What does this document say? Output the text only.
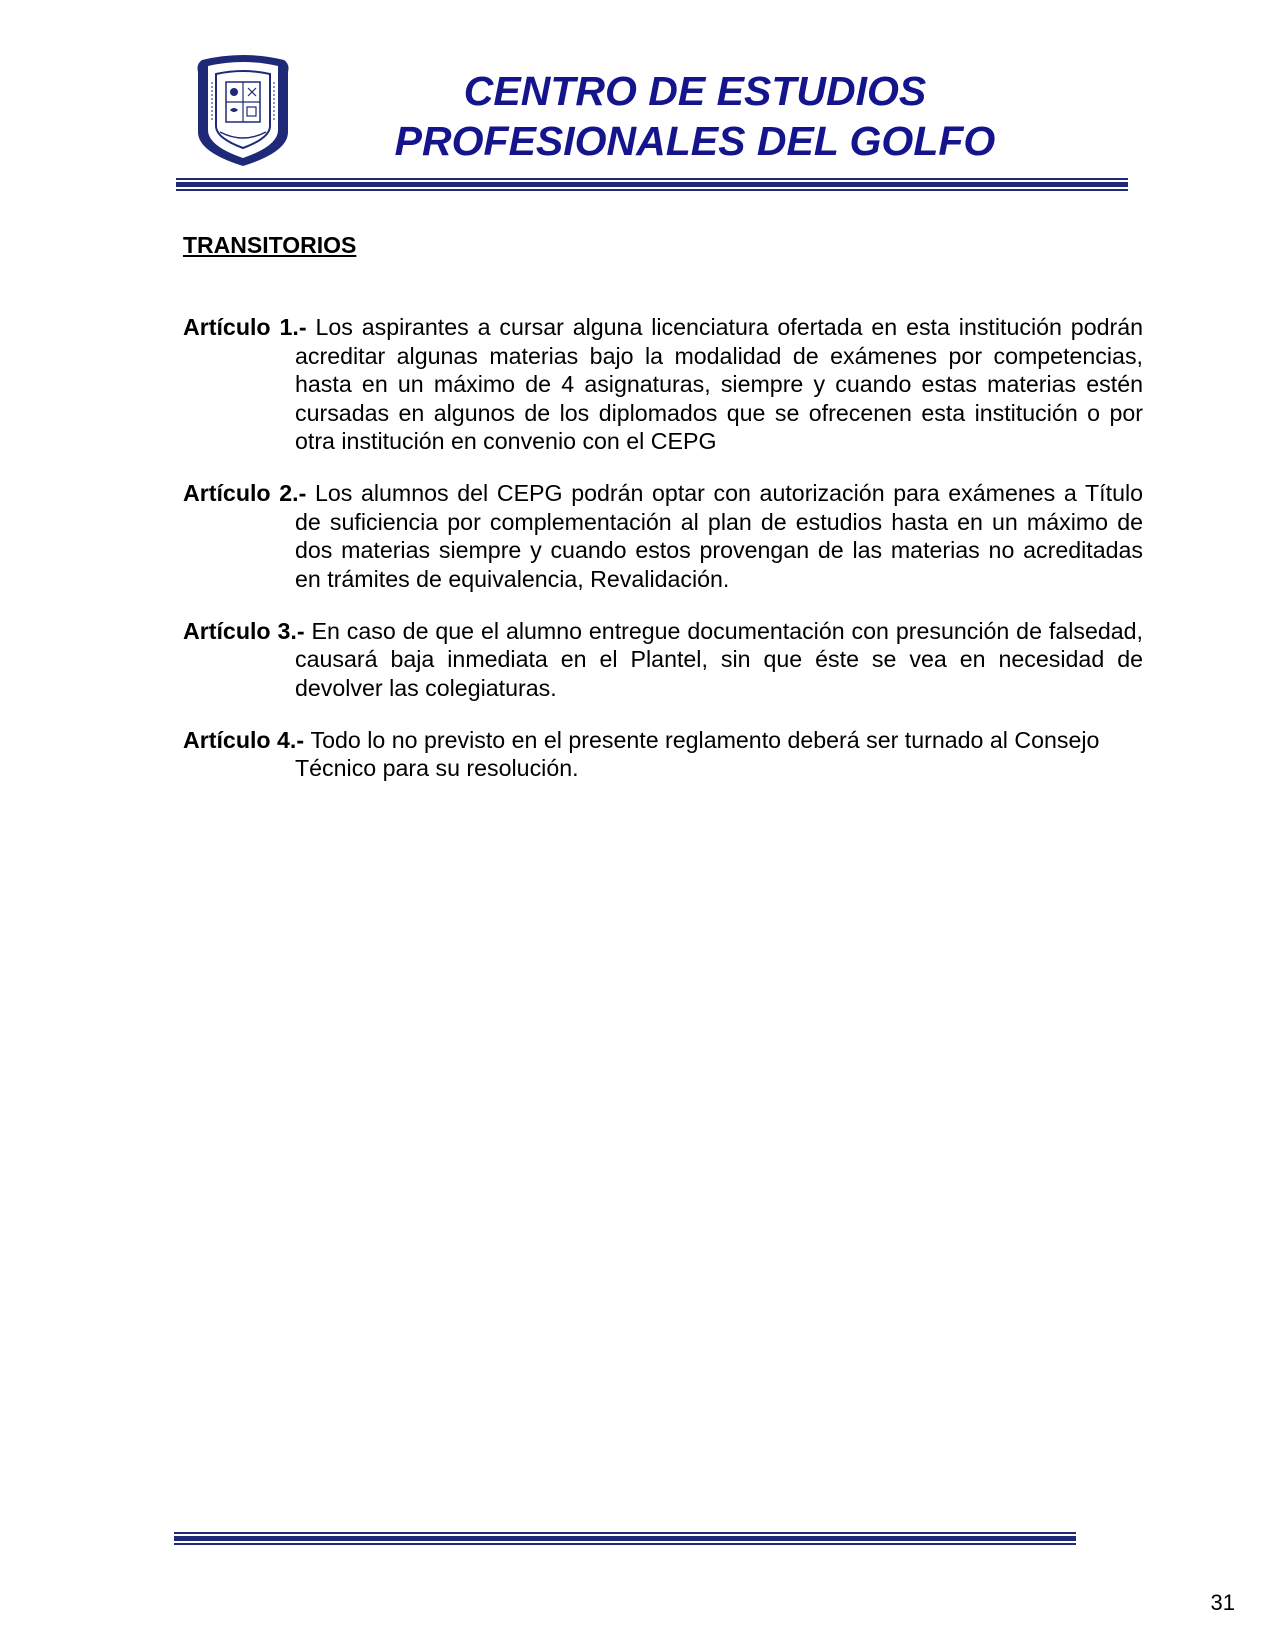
CENTRO DE ESTUDIOS
PROFESIONALES DEL GOLFO
TRANSITORIOS

Artículo 1.- Los aspirantes a cursar alguna licenciatura ofertada en esta institución podrán acreditar algunas materias bajo la modalidad de exámenes por competencias, hasta en un máximo de 4 asignaturas, siempre y cuando estas materias estén cursadas en algunos de los diplomados que se ofrecenen esta institución o por otra institución en convenio con el CEPG

Artículo 2.- Los alumnos del CEPG podrán optar con autorización para exámenes a Título de suficiencia por complementación al plan de estudios hasta en un máximo de dos materias siempre y cuando estos provengan de las materias no acreditadas en trámites de equivalencia, Revalidación.

Artículo 3.- En caso de que el alumno entregue documentación con presunción de falsedad, causará baja inmediata en el Plantel, sin que éste se vea en necesidad de devolver las colegiaturas.

Artículo 4.- Todo lo no previsto en el presente reglamento deberá ser turnado al Consejo Técnico para su resolución.

31
